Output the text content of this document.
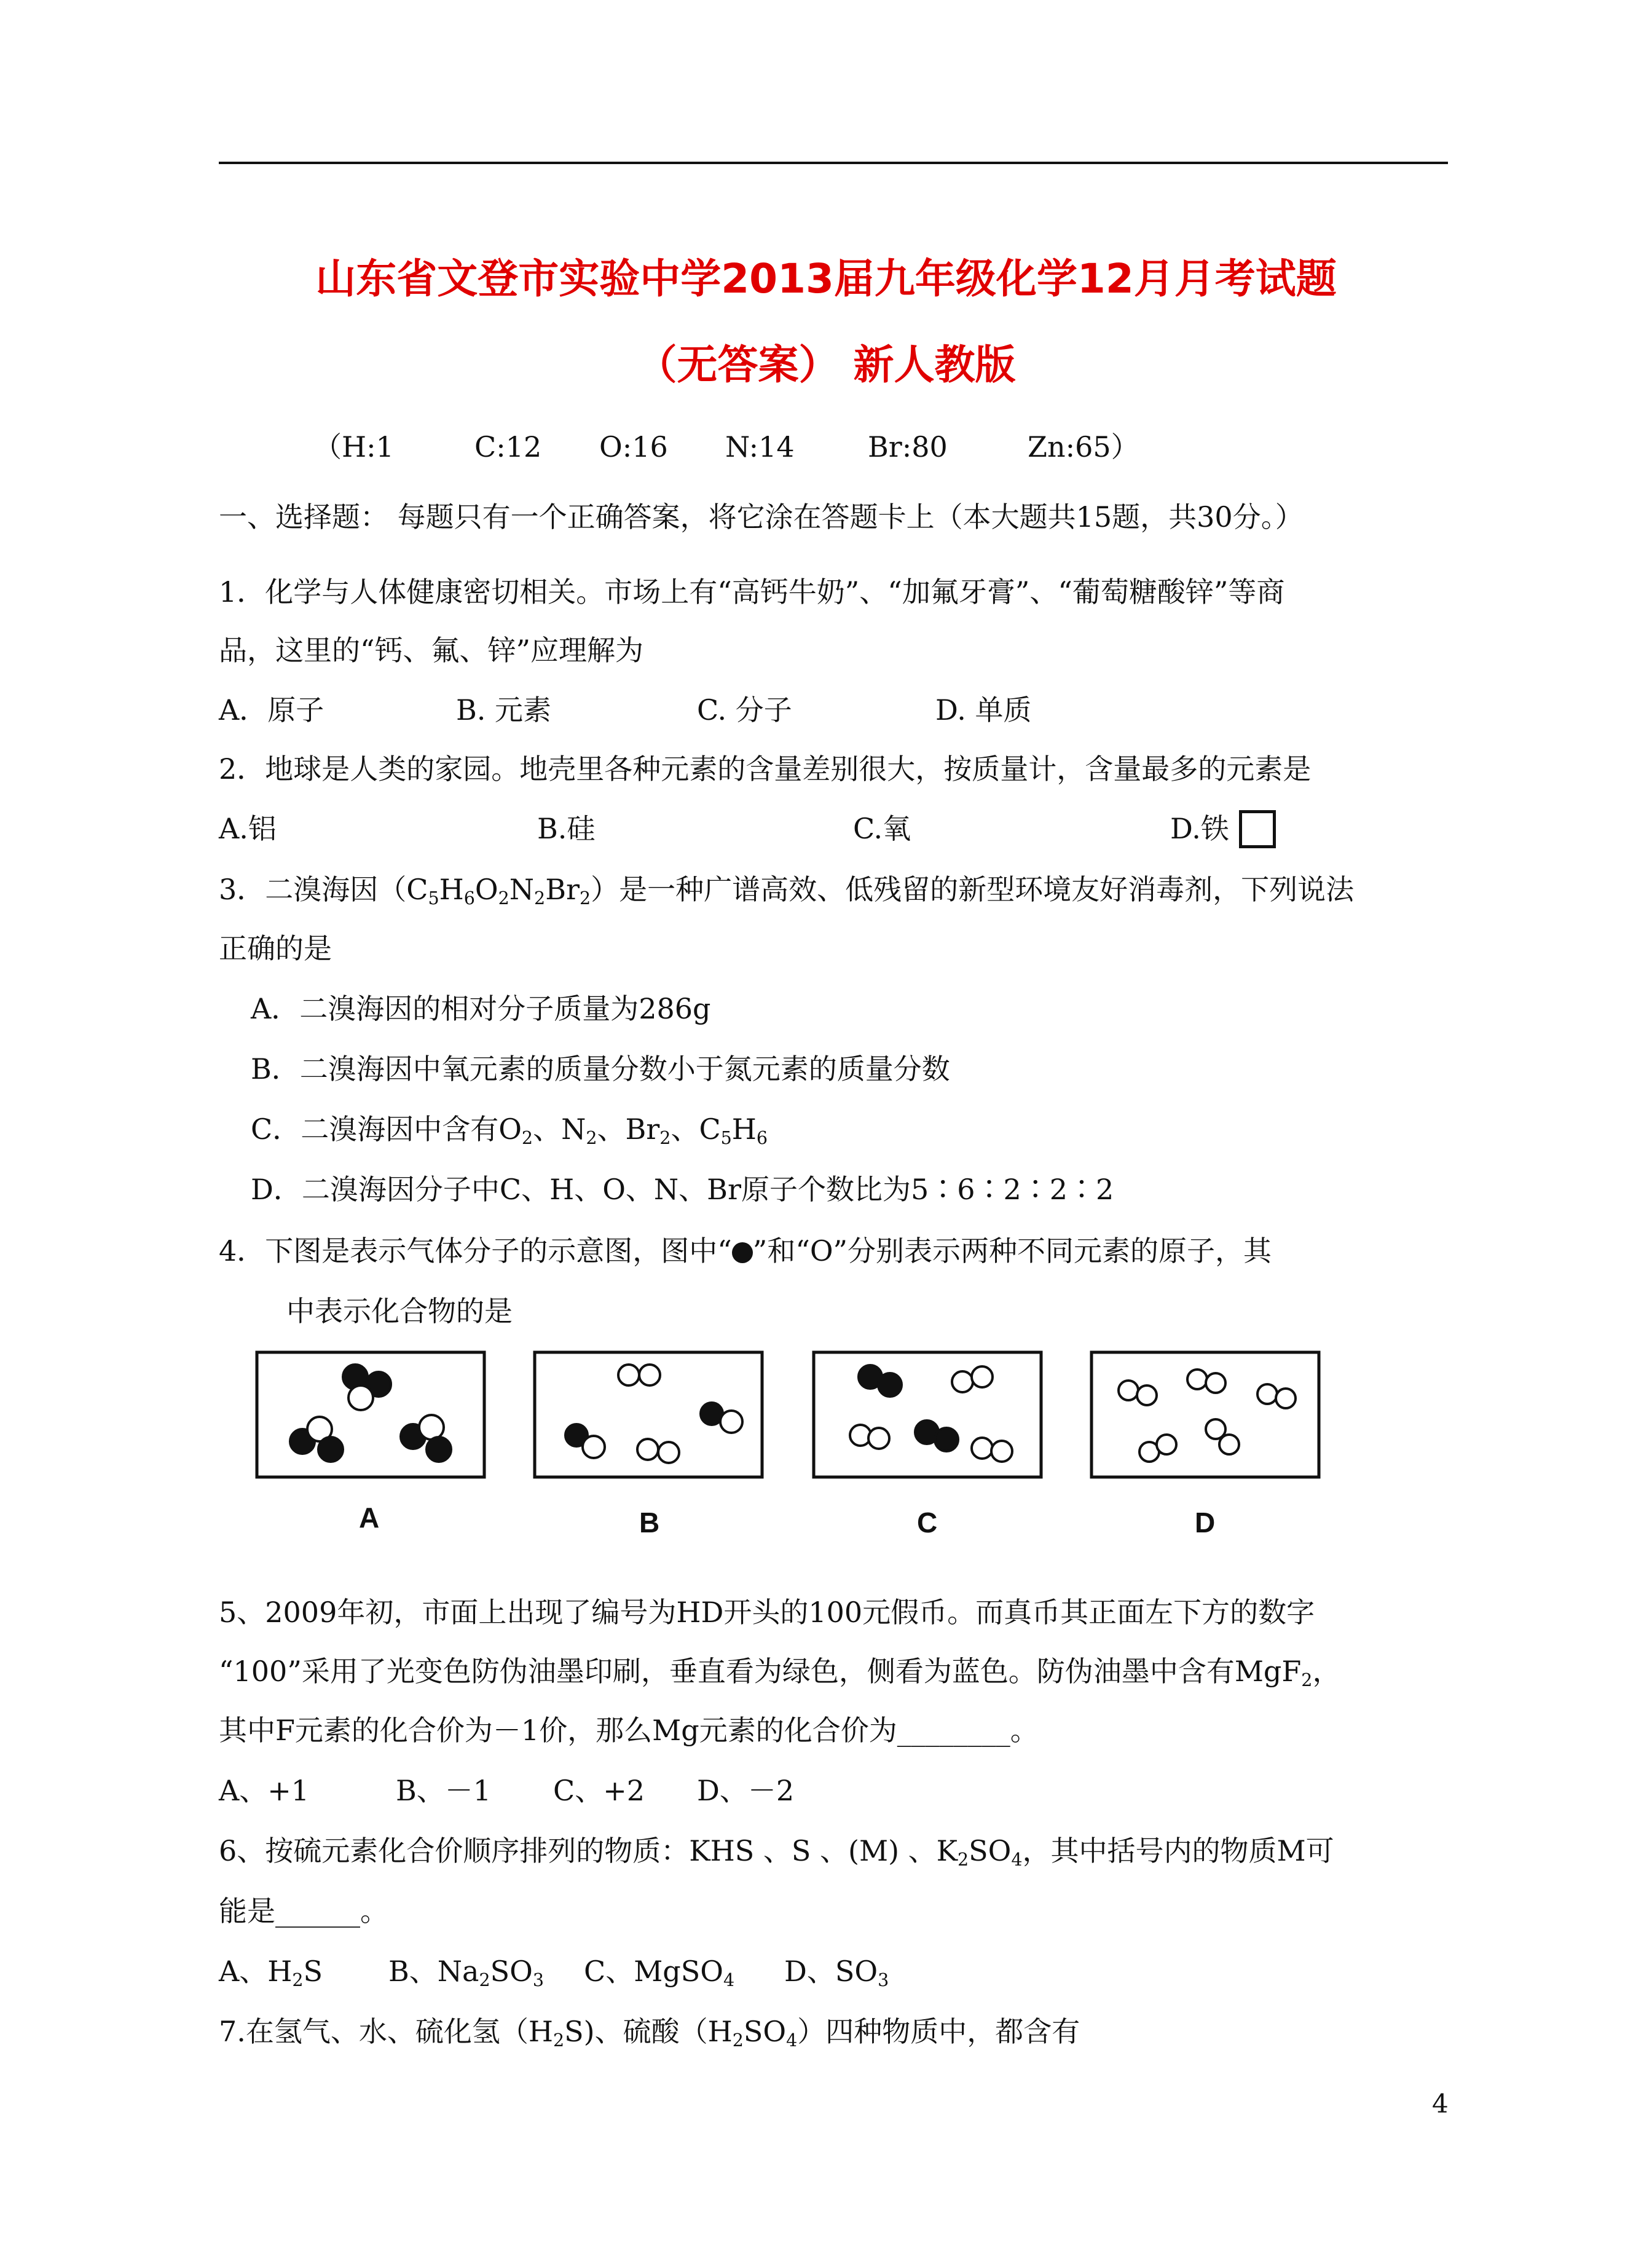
山东省文登市实验中学2013届九年级化学12月月考试题
（无答案） 新人教版
（H:1	C:12 O:16 N:14	Br:80	Zn:65）
一、选择题： 每题只有一个正确答案，将它涂在答题卡上（本大题共15题，共30分。）
1．化学与人体健康密切相关。市场上有“高钙牛奶”、“加氟牙膏”、“葡萄糖酸锌”等商
品，这里的“钙、氟、锌”应理解为
A．原子	B. 元素	C. 分子	D. 单质
2．地球是人类的家园。地壳里各种元素的含量差别很大，按质量计，含量最多的元素是
A.铝	B.硅	C.氧	D.铁
3．二溴海因$(C_5H_6O_2N_2Br_2)$是一种广谱高效、低残留的新型环境友好消毒剂，下列说法
正确的是
A．二溴海因的相对分子质量为286g
B．二溴海因中氧元素的质量分数小于氮元素的质量分数
C．二溴海因中含有$O_2$、$N_2$、$Br_2$、$C_5H_6$
D．二溴海因分子中C、H、O、N、Br原子个数比为5∶6∶2∶2∶2
4．下图是表示气体分子的示意图，图中“ ”和“O”分别表示两种不同元素的原子，其
中表示化合物的是
A	B	C	D
5、2009年初，市面上出现了编号为HD开头的100元假币。而真币其正面左下方的数字
“100”采用了光变色防伪油墨印刷，垂直看为绿色，侧看为蓝色。防伪油墨中含有MgF$_2$，
其中F元素的化合价为－1价，那么Mg元素的化合价为________。
A、+1	B、－1 C、+2 D、－2
6、按硫元素化合价顺序排列的物质：KHS 、S 、(M) 、$K_2SO_4$，其中括号内的物质M可
能是______。
A、$H_2S$ B、$Na_2SO_3$ C、MgSO$_4$ D、$SO_3$
7.在氢气、水、硫化氢$(H_2S)$、硫酸$(H_2SO_4)$四种物质中，都含有
4
